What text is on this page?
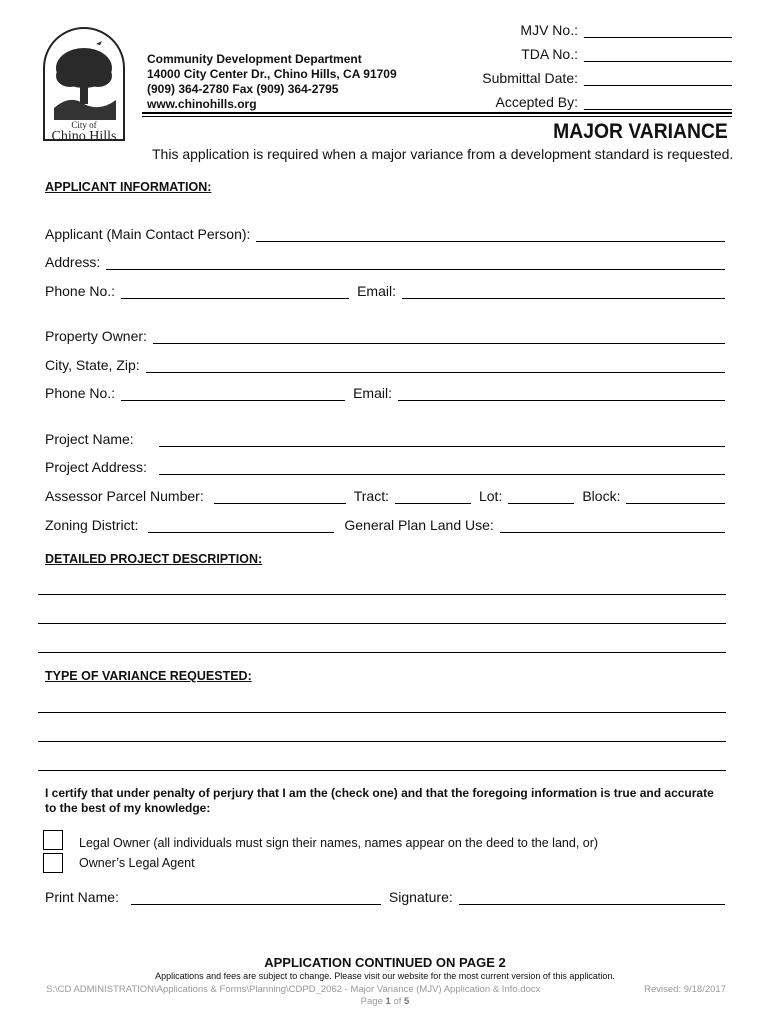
City of
Chino Hills
Community Development Department
14000 City Center Dr., Chino Hills, CA 91709
(909) 364-2780 Fax (909) 364-2795
www.chinohills.org
MJV No.:
TDA No.:
Submittal Date:
Accepted By:
MAJOR VARIANCE
This application is required when a major variance from a development standard is requested.
APPLICANT INFORMATION:
Applicant (Main Contact Person):
Address:
Phone No.:	Email:
Property Owner:
City, State, Zip:
Phone No.:	Email:
Project Name:
Project Address:
Assessor Parcel Number:	Tract:	Lot:	Block:
Zoning District:	General Plan Land Use:
DETAILED PROJECT DESCRIPTION:
TYPE OF VARIANCE REQUESTED:
I certify that under penalty of perjury that I am the (check one) and that the foregoing information is true and accurate to the best of my knowledge:
Legal Owner (all individuals must sign their names, names appear on the deed to the land, or)
Owner’s Legal Agent
Print Name:	Signature:
APPLICATION CONTINUED ON PAGE 2
Applications and fees are subject to change. Please visit our website for the most current version of this application.
S:\CD ADMINISTRATION\Applications & Forms\Planning\CDPD_2062 - Major Variance (MJV) Application & Info.docx	Revised: 9/18/2017
Page 1 of 5
